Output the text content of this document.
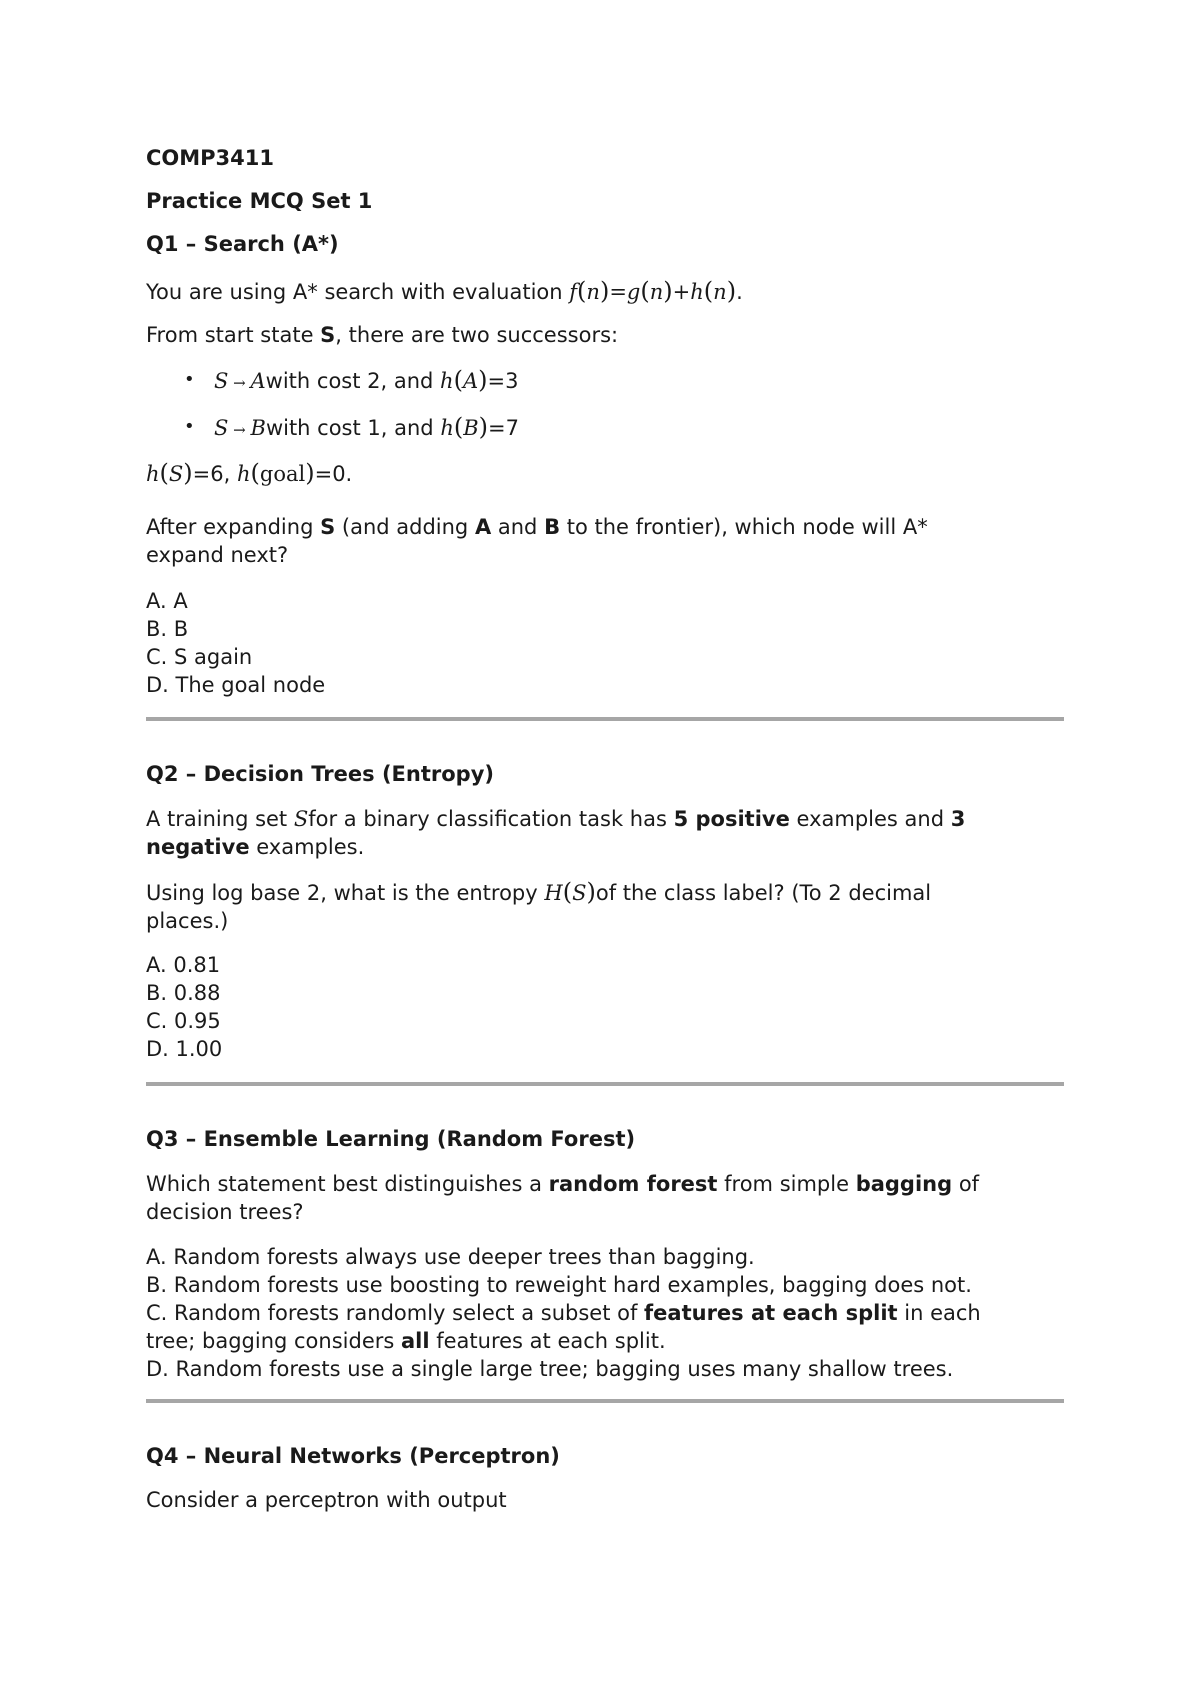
COMP3411
Practice MCQ Set 1
Q1 – Search (A*)
You are using A* search with evaluation f(n)=g(n)+h(n).
From start state S, there are two successors:
• S → Awith cost 2, and h(A)=3
• S → Bwith cost 1, and h(B)=7
h(S)=6, h(goal)=0.
After expanding S (and adding A and B to the frontier), which node will A*
expand next?
A. A
B. B
C. S again
D. The goal node
Q2 – Decision Trees (Entropy)
A training set Sfor a binary classification task has 5 positive examples and 3
negative examples.
Using log base 2, what is the entropy H(S)of the class label? (To 2 decimal
places.)
A. 0.81
B. 0.88
C. 0.95
D. 1.00
Q3 – Ensemble Learning (Random Forest)
Which statement best distinguishes a random forest from simple bagging of
decision trees?
A. Random forests always use deeper trees than bagging.
B. Random forests use boosting to reweight hard examples, bagging does not.
C. Random forests randomly select a subset of features at each split in each
tree; bagging considers all features at each split.
D. Random forests use a single large tree; bagging uses many shallow trees.
Q4 – Neural Networks (Perceptron)
Consider a perceptron with output
